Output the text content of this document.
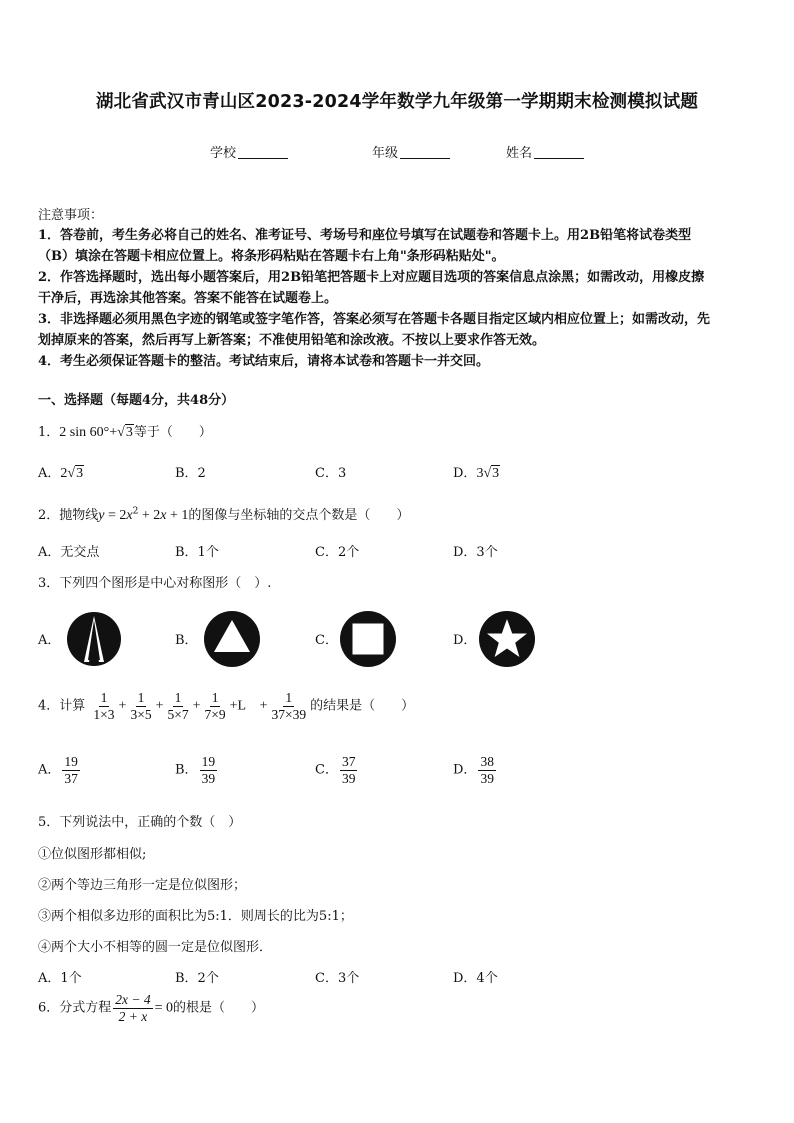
湖北省武汉市青山区2023-2024学年数学九年级第一学期期末检测模拟试题
学校	年级	姓名
注意事项：
1．答卷前，考生务必将自己的姓名、准考证号、考场号和座位号填写在试题卷和答题卡上。用2B铅笔将试卷类型
（B）填涂在答题卡相应位置上。将条形码粘贴在答题卡右上角"条形码粘贴处"。
2．作答选择题时，选出每小题答案后，用2B铅笔把答题卡上对应题目选项的答案信息点涂黑；如需改动，用橡皮擦
干净后，再选涂其他答案。答案不能答在试题卷上。
3．非选择题必须用黑色字迹的钢笔或签字笔作答，答案必须写在答题卡各题目指定区域内相应位置上；如需改动，先
划掉原来的答案，然后再写上新答案；不准使用铅笔和涂改液。不按以上要求作答无效。
4．考生必须保证答题卡的整洁。考试结束后，请将本试卷和答题卡一并交回。
一、选择题（每题4分，共48分）
1．2 sin 60°+√3等于（　　）
A．2√3	B．2	C．3	D．3√3
2．抛物线$y = 2x^2 + 2x + 1$的图像与坐标轴的交点个数是（　　）
A．无交点	B．1个	C．2个	D．3个
3．下列四个图形是中心对称图形（　）.
A．	B．	C．	D．
4．计算 $\frac{1}{1\times 3} + \frac{1}{3\times 5} + \frac{1}{5\times 7} + \frac{1}{7\times 9} +L$　+ $\frac{1}{37\times 39}$ 的结果是（　　）
A． $\frac{19}{37}$	B． $\frac{19}{39}$	C． $\frac{37}{39}$	D． $\frac{38}{39}$
5．下列说法中，正确的个数（　）
①位似图形都相似;
②两个等边三角形一定是位似图形；
③两个相似多边形的面积比为5:1．则周长的比为5:1；
④两个大小不相等的圆一定是位似图形．
A．1个	B．2个	C．3个	D．4个
6．分式方程 $\frac{2x - 4}{2 + x} = 0$的根是（　　）
